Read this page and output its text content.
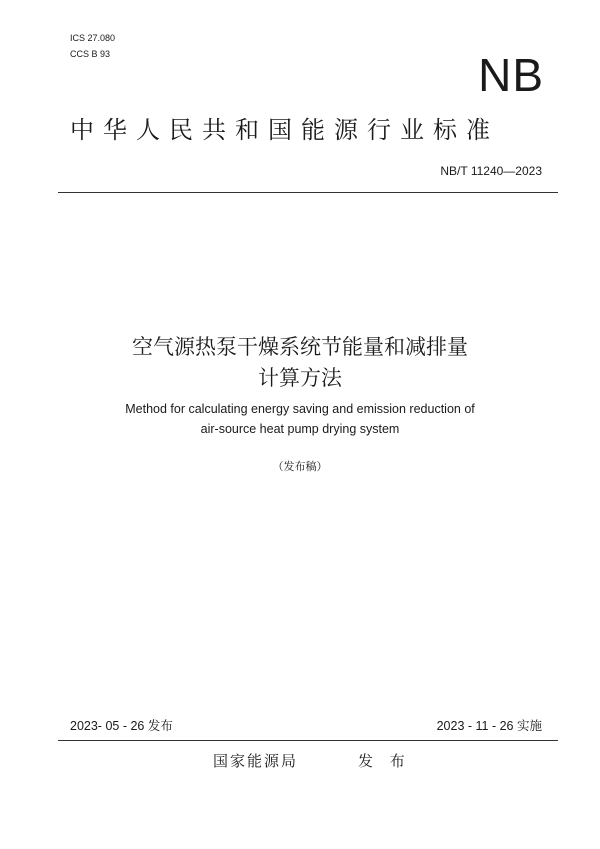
ICS 27.080
CCS B 93	NB
中华人民共和国能源行业标准
NB/T 11240—2023
空气源热泵干燥系统节能量和减排量
计算方法
Method for calculating energy saving and emission reduction of
air-source heat pump drying system
（发布稿）
2023- 05 - 26 发布	2023 - 11 - 26 实施
国家能源局	发 布
